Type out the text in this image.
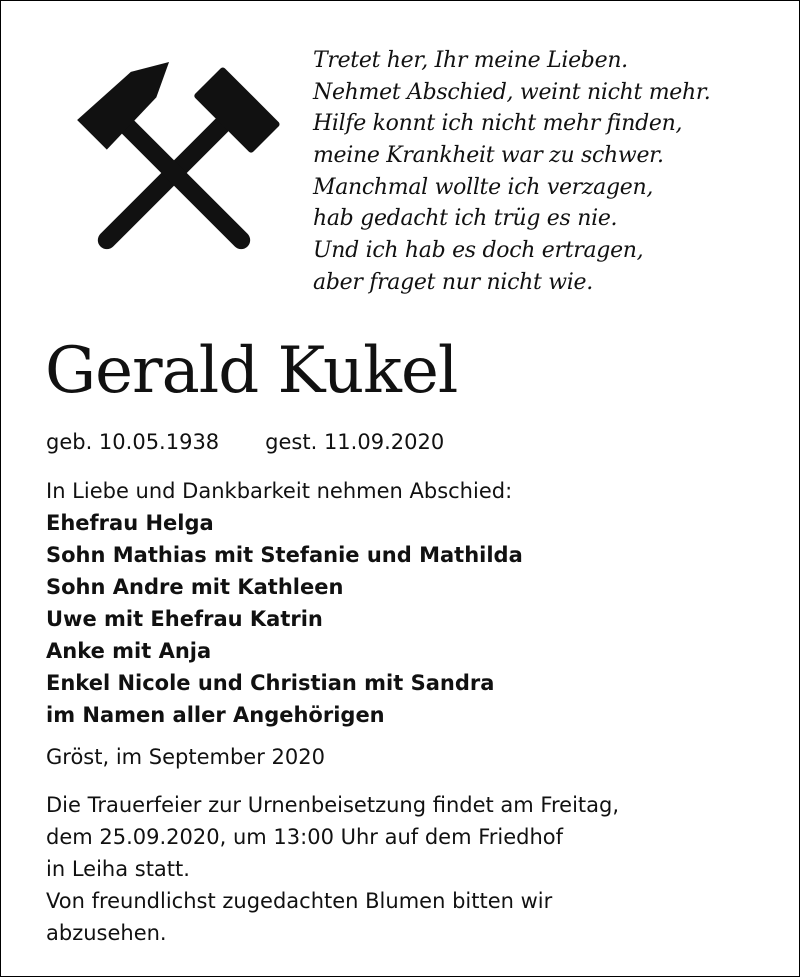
Tretet her, Ihr meine Lieben.
Nehmet Abschied, weint nicht mehr.
Hilfe konnt ich nicht mehr finden,
meine Krankheit war zu schwer.
Manchmal wollte ich verzagen,
hab gedacht ich trüg es nie.
Und ich hab es doch ertragen,
aber fraget nur nicht wie.
Gerald Kukel
geb. 10.05.1938 gest. 11.09.2020
In Liebe und Dankbarkeit nehmen Abschied:
Ehefrau Helga
Sohn Mathias mit Stefanie und Mathilda
Sohn Andre mit Kathleen
Uwe mit Ehefrau Katrin
Anke mit Anja
Enkel Nicole und Christian mit Sandra
im Namen aller Angehörigen
Gröst, im September 2020
Die Trauerfeier zur Urnenbeisetzung findet am Freitag,
dem 25.09.2020, um 13:00 Uhr auf dem Friedhof
in Leiha statt.
Von freundlichst zugedachten Blumen bitten wir
abzusehen.
